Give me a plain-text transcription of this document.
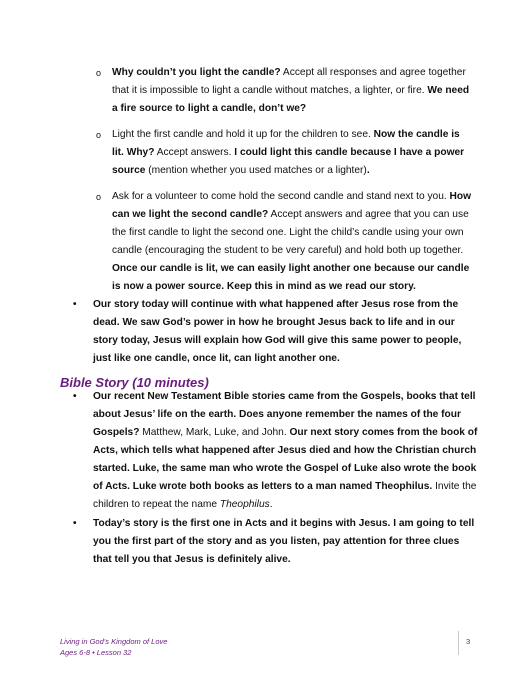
o Why couldn’t you light the candle? Accept all responses and agree together that it is impossible to light a candle without matches, a lighter, or fire. We need a fire source to light a candle, don’t we?
o Light the first candle and hold it up for the children to see. Now the candle is lit. Why? Accept answers. I could light this candle because I have a power source (mention whether you used matches or a lighter).
o Ask for a volunteer to come hold the second candle and stand next to you. How can we light the second candle? Accept answers and agree that you can use the first candle to light the second one. Light the child’s candle using your own candle (encouraging the student to be very careful) and hold both up together. Once our candle is lit, we can easily light another one because our candle is now a power source. Keep this in mind as we read our story.
• Our story today will continue with what happened after Jesus rose from the dead. We saw God’s power in how he brought Jesus back to life and in our story today, Jesus will explain how God will give this same power to people, just like one candle, once lit, can light another one.
Bible Story (10 minutes)
• Our recent New Testament Bible stories came from the Gospels, books that tell about Jesus’ life on the earth. Does anyone remember the names of the four Gospels? Matthew, Mark, Luke, and John. Our next story comes from the book of Acts, which tells what happened after Jesus died and how the Christian church started. Luke, the same man who wrote the Gospel of Luke also wrote the book of Acts. Luke wrote both books as letters to a man named Theophilus. Invite the children to repeat the name Theophilus.
• Today’s story is the first one in Acts and it begins with Jesus. I am going to tell you the first part of the story and as you listen, pay attention for three clues that tell you that Jesus is definitely alive.
Living in God’s Kingdom of Love
Ages 6-8 • Lesson 32
3
